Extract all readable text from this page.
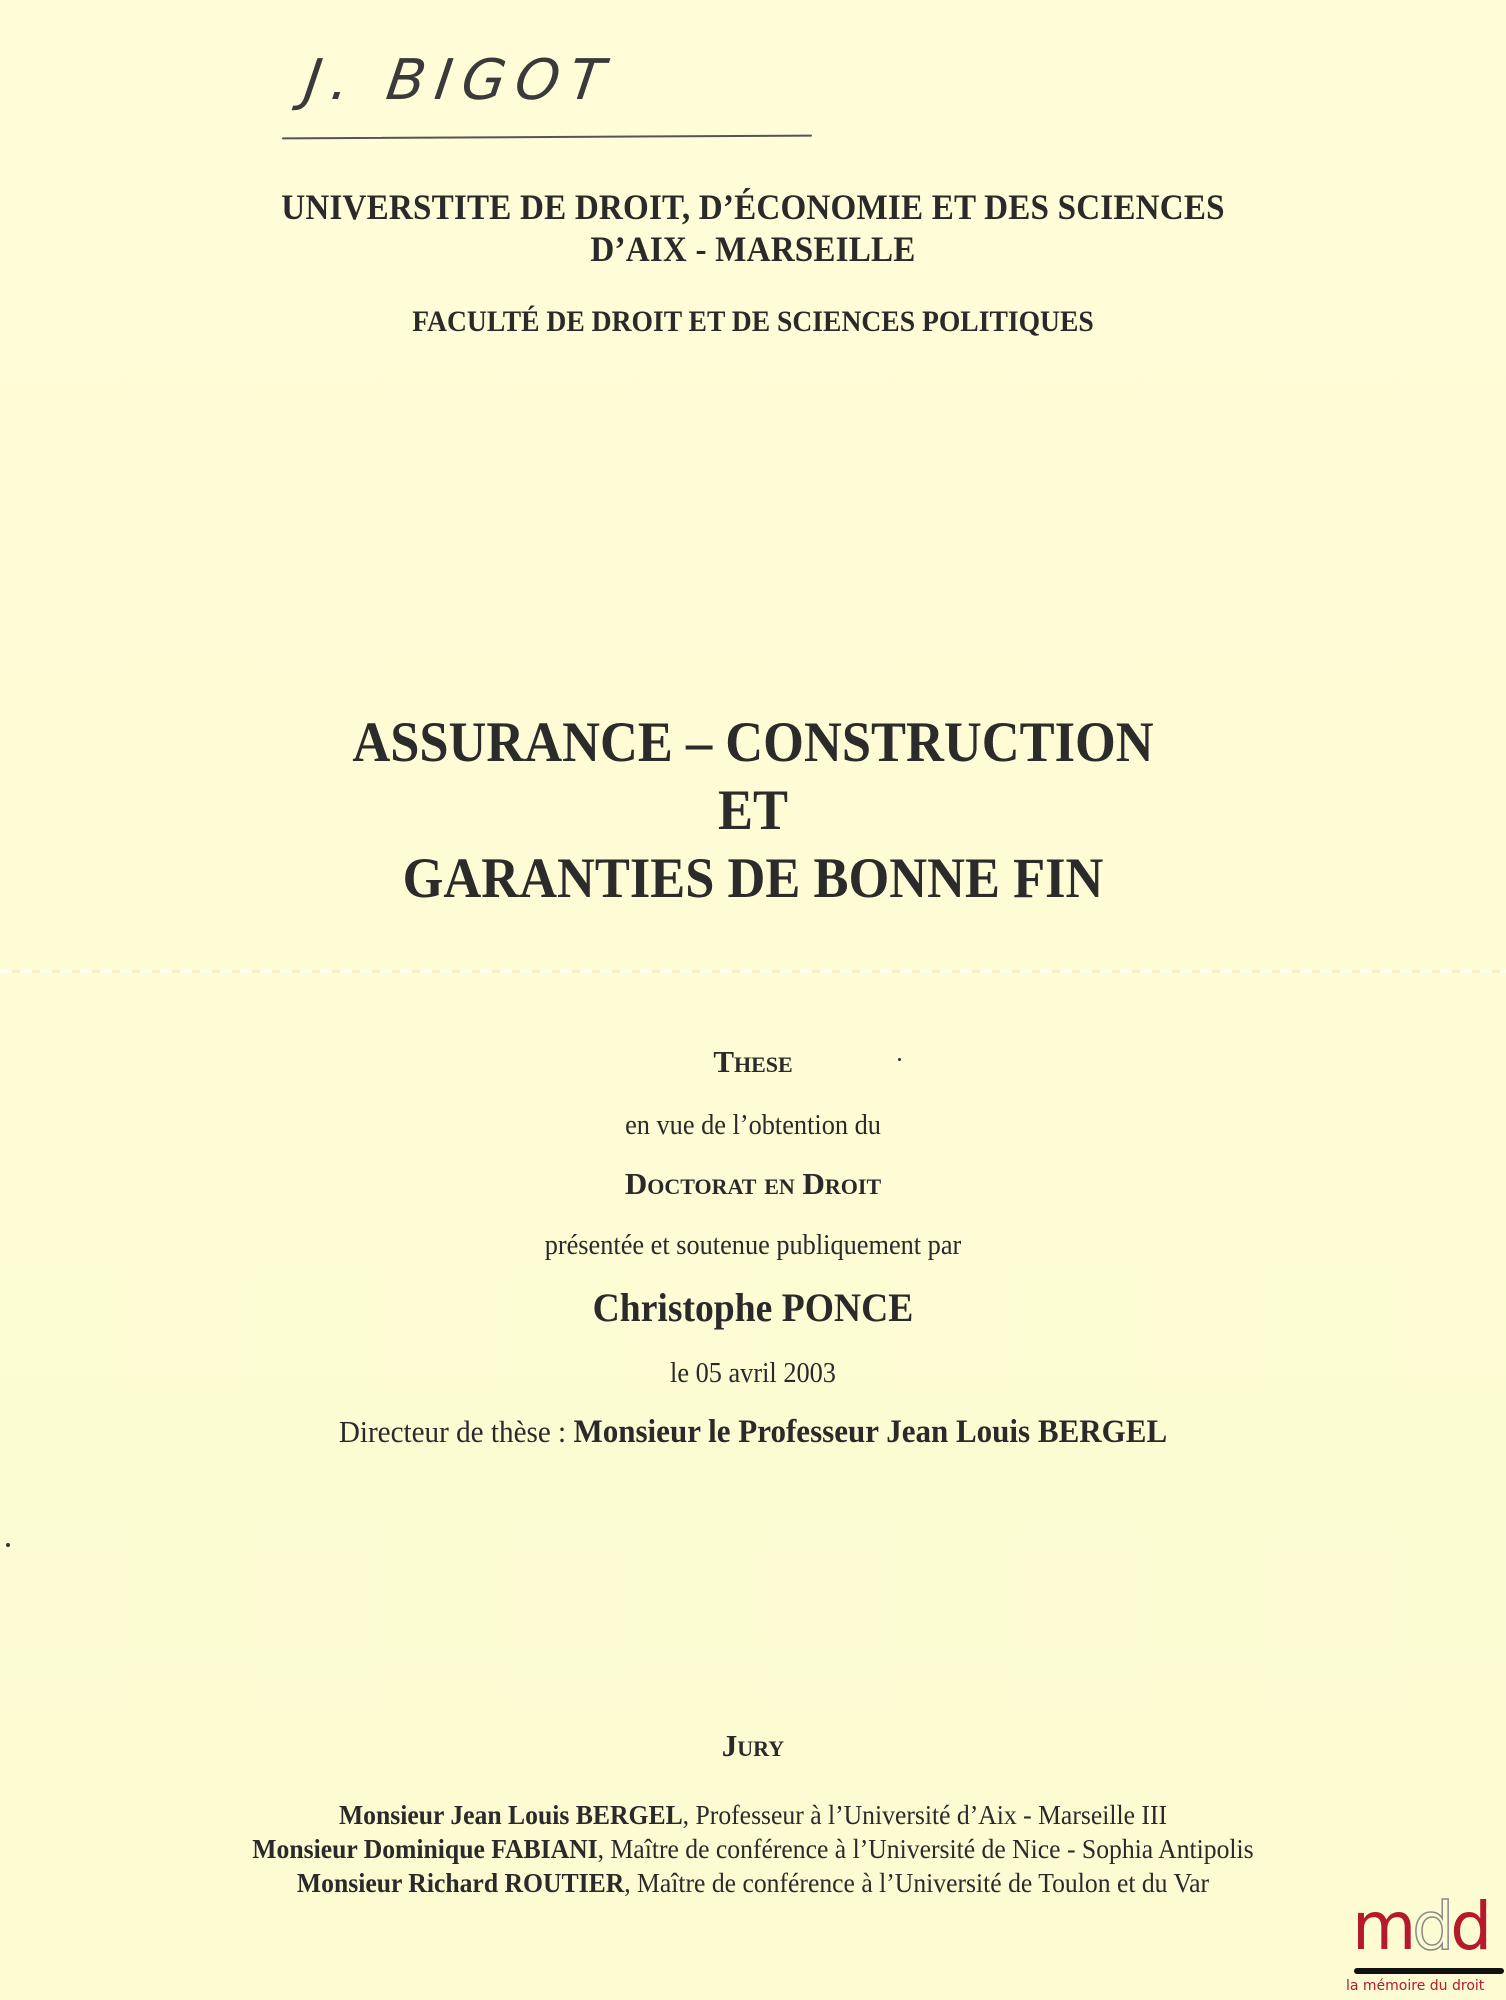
J. BIGOT
UNIVERSTITE DE DROIT, D’ÉCONOMIE ET DES SCIENCES
D’AIX - MARSEILLE
FACULTÉ DE DROIT ET DE SCIENCES POLITIQUES
ASSURANCE – CONSTRUCTION
ET
GARANTIES DE BONNE FIN
These
en vue de l’obtention du
Doctorat en Droit
présentée et soutenue publiquement par
Christophe PONCE
le 05 avril 2003
Directeur de thèse : Monsieur le Professeur Jean Louis BERGEL
Jury
Monsieur Jean Louis BERGEL, Professeur à l’Université d’Aix - Marseille III
Monsieur Dominique FABIANI, Maître de conférence à l’Université de Nice - Sophia Antipolis
Monsieur Richard ROUTIER, Maître de conférence à l’Université de Toulon et du Var
mdd
la mémoire du droit
